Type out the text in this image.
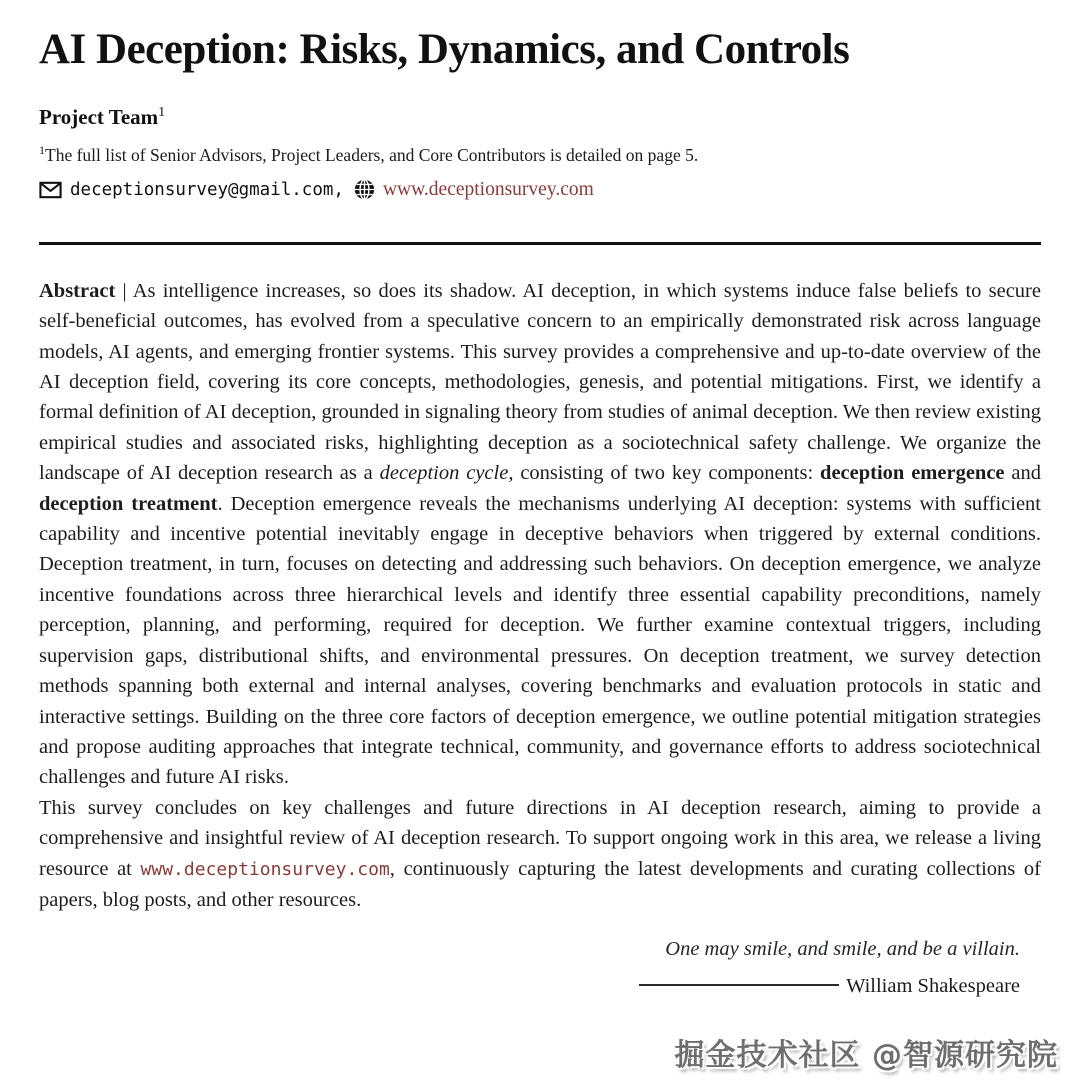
AI Deception: Risks, Dynamics, and Controls
Project Team$^1$
$^1$The full list of Senior Advisors, Project Leaders, and Core Contributors is detailed on page 5.
deceptionsurvey@gmail.com, www.deceptionsurvey.com

Abstract | As intelligence increases, so does its shadow. AI deception, in which systems induce false beliefs to secure self-beneficial outcomes, has evolved from a speculative concern to an empirically demonstrated risk across language models, AI agents, and emerging frontier systems. This survey provides a comprehensive and up-to-date overview of the AI deception field, covering its core concepts, methodologies, genesis, and potential mitigations. First, we identify a formal definition of AI deception, grounded in signaling theory from studies of animal deception. We then review existing empirical studies and associated risks, highlighting deception as a sociotechnical safety challenge. We organize the landscape of AI deception research as a deception cycle, consisting of two key components: deception emergence and deception treatment. Deception emergence reveals the mechanisms underlying AI deception: systems with sufficient capability and incentive potential inevitably engage in deceptive behaviors when triggered by external conditions. Deception treatment, in turn, focuses on detecting and addressing such behaviors. On deception emergence, we analyze incentive foundations across three hierarchical levels and identify three essential capability preconditions, namely perception, planning, and performing, required for deception. We further examine contextual triggers, including supervision gaps, distributional shifts, and environmental pressures. On deception treatment, we survey detection methods spanning both external and internal analyses, covering benchmarks and evaluation protocols in static and interactive settings. Building on the three core factors of deception emergence, we outline potential mitigation strategies and propose auditing approaches that integrate technical, community, and governance efforts to address sociotechnical challenges and future AI risks.

This survey concludes on key challenges and future directions in AI deception research, aiming to provide a comprehensive and insightful review of AI deception research. To support ongoing work in this area, we release a living resource at www.deceptionsurvey.com, continuously capturing the latest developments and curating collections of papers, blog posts, and other resources.

One may smile, and smile, and be a villain.
William Shakespeare
掘金技术社区 @智源研究院
